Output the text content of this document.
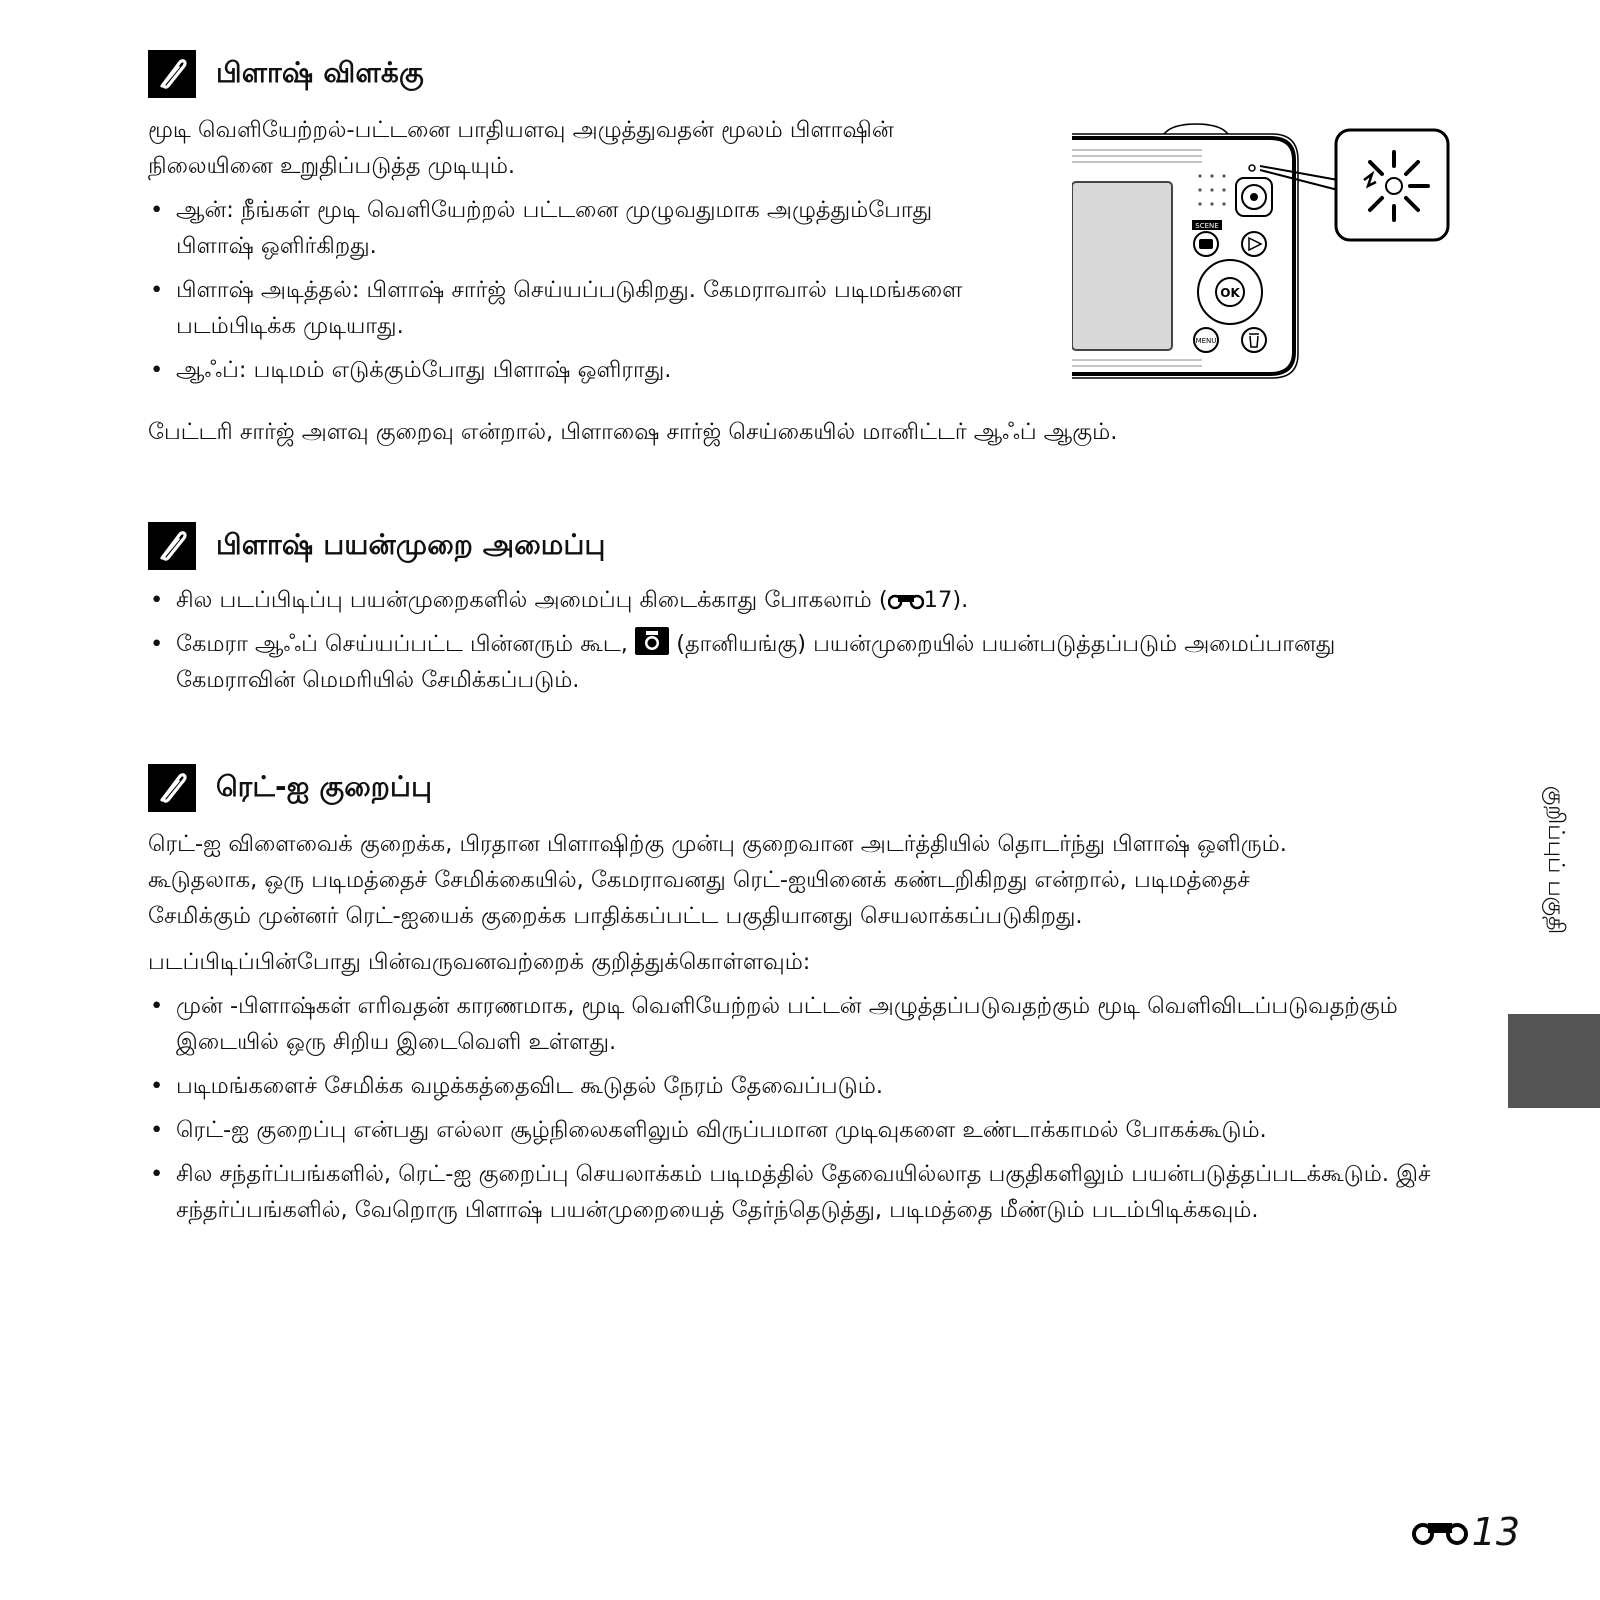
பிளாஷ் விளக்கு

மூடி வெளியேற்றல்-பட்டனை பாதியளவு அழுத்துவதன் மூலம் பிளாஷின் நிலையினை உறுதிப்படுத்த முடியும்.

• ஆன்: நீங்கள் மூடி வெளியேற்றல் பட்டனை முழுவதுமாக அழுத்தும்போது பிளாஷ் ஒளிர்கிறது.
• பிளாஷ் அடித்தல்: பிளாஷ் சார்ஜ் செய்யப்படுகிறது. கேமராவால் படிமங்களை படம்பிடிக்க முடியாது.
• ஆஃப்: படிமம் எடுக்கும்போது பிளாஷ் ஒளிராது.

பேட்டரி சார்ஜ் அளவு குறைவு என்றால், பிளாஷை சார்ஜ் செய்கையில் மானிட்டர் ஆஃப் ஆகும்.

SCENE
OK
MENU
பிளாஷ் பயன்முறை அமைப்பு
• சில படப்பிடிப்பு பயன்முறைகளில் அமைப்பு கிடைக்காது போகலாம் ( 17).
• கேமரா ஆஃப் செய்யப்பட்ட பின்னரும் கூட, (தானியங்கு) பயன்முறையில் பயன்படுத்தப்படும் அமைப்பானது கேமராவின் மெமரியில் சேமிக்கப்படும்.
ரெட்-ஐ குறைப்பு

ரெட்-ஐ விளைவைக் குறைக்க, பிரதான பிளாஷிற்கு முன்பு குறைவான அடர்த்தியில் தொடர்ந்து பிளாஷ் ஒளிரும். கூடுதலாக, ஒரு படிமத்தைச் சேமிக்கையில், கேமராவனது ரெட்-ஐயினைக் கண்டறிகிறது என்றால், படிமத்தைச் சேமிக்கும் முன்னர் ரெட்-ஐயைக் குறைக்க பாதிக்கப்பட்ட பகுதியானது செயலாக்கப்படுகிறது.

படப்பிடிப்பின்போது பின்வருவனவற்றைக் குறித்துக்கொள்ளவும்:

• முன் -பிளாஷ்கள் எரிவதன் காரணமாக, மூடி வெளியேற்றல் பட்டன் அழுத்தப்படுவதற்கும் மூடி வெளிவிடப்படுவதற்கும் இடையில் ஒரு சிறிய இடைவெளி உள்ளது.
• படிமங்களைச் சேமிக்க வழக்கத்தைவிட கூடுதல் நேரம் தேவைப்படும்.
• ரெட்-ஐ குறைப்பு என்பது எல்லா சூழ்நிலைகளிலும் விருப்பமான முடிவுகளை உண்டாக்காமல் போகக்கூடும்.
• சில சந்தர்ப்பங்களில், ரெட்-ஐ குறைப்பு செயலாக்கம் படிமத்தில் தேவையில்லாத பகுதிகளிலும் பயன்படுத்தப்படக்கூடும். இச் சந்தர்ப்பங்களில், வேறொரு பிளாஷ் பயன்முறையைத் தேர்ந்தெடுத்து, படிமத்தை மீண்டும் படம்பிடிக்கவும்.
குறிப்புப் பகுதி
13
